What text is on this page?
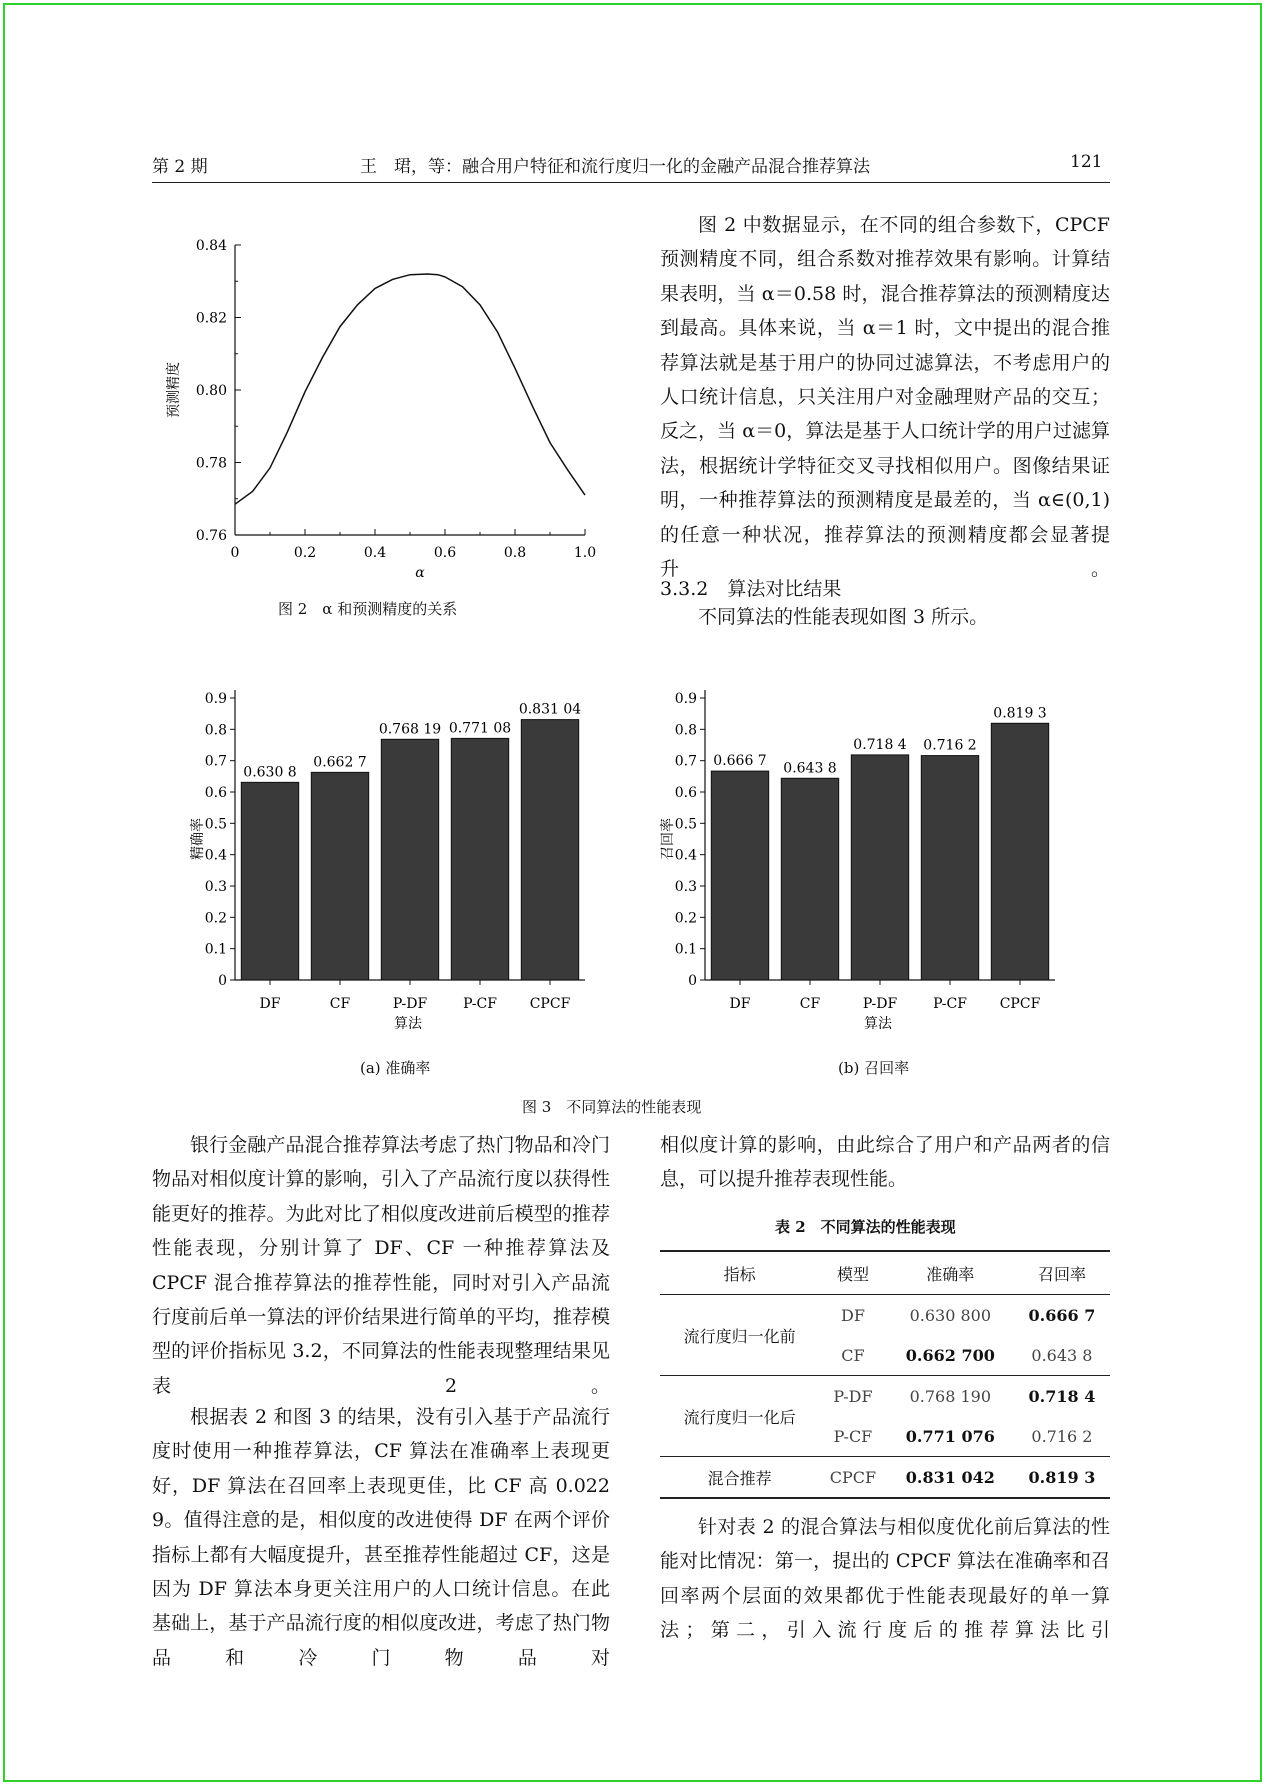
第 2 期	王　珺，等：融合用户特征和流行度归一化的金融产品混合推荐算法	121
0.76
0.78
0.80
0.82
0.84
0	0.2	0.4	0.6	0.8	1.0
α
预测精度
图 2　α 和预测精度的关系

图 2 中数据显示，在不同的组合参数下，CPCF 预测精度不同，组合系数对推荐效果有影响。计算结果表明，当 α＝0.58 时，混合推荐算法的预测精度达到最高。具体来说，当 α＝1 时，文中提出的混合推荐算法就是基于用户的协同过滤算法，不考虑用户的人口统计信息，只关注用户对金融理财产品的交互；反之，当 α＝0，算法是基于人口统计学的用户过滤算法，根据统计学特征交叉寻找相似用户。图像结果证明，一种推荐算法的预测精度是最差的，当 α∈(0,1)的任意一种状况，推荐算法的预测精度都会显著提升。

3.3.2　算法对比结果

不同算法的性能表现如图 3 所示。

0
0.1
0.2
0.3
0.4
0.5
0.6
0.7
0.8
0.9
精确率
0.630 8
DF
0.662 7
CF
0.768 19
P-DF
0.771 08
P-CF
0.831 04
CPCF
算法
0
0.1
0.2
0.3
0.4
0.5
0.6
0.7
0.8
0.9
召回率
0.666 7
DF
0.643 8
CF
0.718 4
P-DF
0.716 2
P-CF
0.819 3
CPCF
算法
(a) 准确率	(b) 召回率
图 3　不同算法的性能表现

银行金融产品混合推荐算法考虑了热门物品和冷门物品对相似度计算的影响，引入了产品流行度以获得性能更好的推荐。为此对比了相似度改进前后模型的推荐性能表现，分别计算了 DF、CF 一种推荐算法及 CPCF 混合推荐算法的推荐性能，同时对引入产品流行度前后单一算法的评价结果进行简单的平均，推荐模型的评价指标见 3.2，不同算法的性能表现整理结果见表 2。

根据表 2 和图 3 的结果，没有引入基于产品流行度时使用一种推荐算法，CF 算法在准确率上表现更好，DF 算法在召回率上表现更佳，比 CF 高 0.022 9。值得注意的是，相似度的改进使得 DF 在两个评价指标上都有大幅度提升，甚至推荐性能超过 CF，这是因为 DF 算法本身更关注用户的人口统计信息。在此基础上，基于产品流行度的相似度改进，考虑了热门物品和冷门物品对

相似度计算的影响，由此综合了用户和产品两者的信息，可以提升推荐表现性能。

表 2　不同算法的性能表现
指标	模型	准确率	召回率
流行度归一化前	DF	0.630 800	0.666 7
	CF	0.662 700	0.643 8
流行度归一化后	P-DF	0.768 190	0.718 4
	P-CF	0.771 076	0.716 2
混合推荐	CPCF	0.831 042	0.819 3

针对表 2 的混合算法与相似度优化前后算法的性能对比情况：第一，提出的 CPCF 算法在准确率和召回率两个层面的效果都优于性能表现最好的单一算法；第二，引入流行度后的推荐算法比引
